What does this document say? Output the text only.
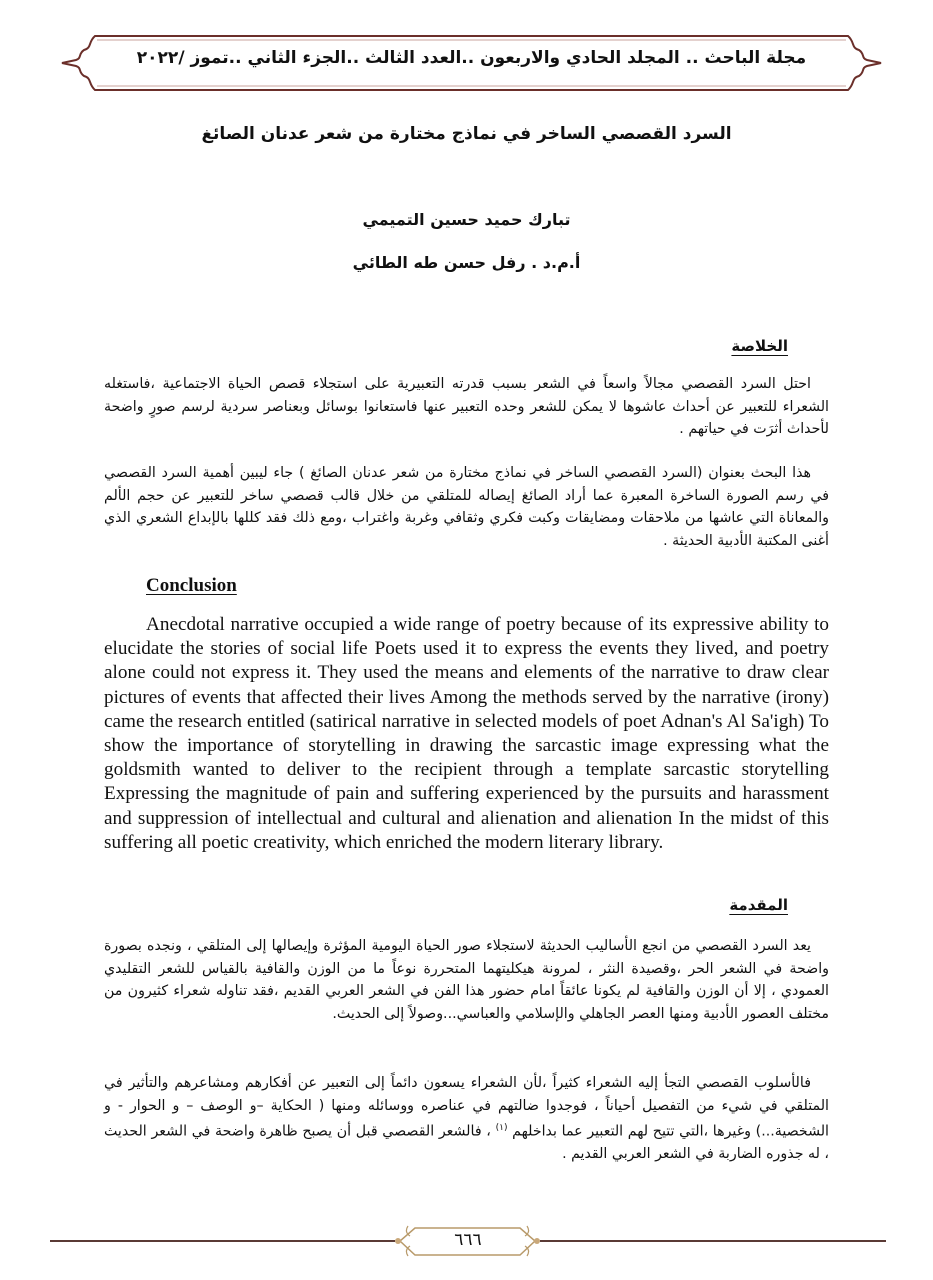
مجلة الباحث .. المجلد الحادي والاربعون ..العدد الثالث ..الجزء الثاني ..تموز /٢٠٢٢
السرد القصصي الساخر في نماذج مختارة من شعر عدنان الصائغ
تبارك حميد حسين التميمي
أ.م.د . رفل حسن طه الطائي
الخلاصة
احتل السرد القصصي مجالاً واسعاً في الشعر بسبب قدرته التعبيرية على استجلاء قصص الحياة الاجتماعية ،فاستغله الشعراء للتعبير عن أحداث عاشوها لا يمكن للشعر وحده التعبير عنها فاستعانوا بوسائل وبعناصر سردية لرسم صورٍ واضحة لأحداث أثرَت في حياتهم .
هذا البحث بعنوان (السرد القصصي الساخر في نماذج مختارة من شعر عدنان الصائغ ) جاء ليبين أهمية السرد القصصي في رسم الصورة الساخرة المعبرة عما أراد الصائغ إيصاله للمتلقي من خلال قالب قصصي ساخر للتعبير عن حجم الألم والمعاناة التي عاشها من ملاحقات ومضايقات وكبت فكري وثقافي وغربة واغتراب ،ومع ذلك فقد كللها بالإبداع الشعري الذي أغنى المكتبة الأدبية الحديثة .
Conclusion
Anecdotal narrative occupied a wide range of poetry because of its expressive ability to elucidate the stories of social life Poets used it to express the events they lived, and poetry alone could not express it. They used the means and elements of the narrative to draw clear pictures of events that affected their lives Among the methods served by the narrative (irony) came the research entitled (satirical narrative in selected models of poet Adnan's Al Sa'igh) To show the importance of storytelling in drawing the sarcastic image expressing what the goldsmith wanted to deliver to the recipient through a template sarcastic storytelling Expressing the magnitude of pain and suffering experienced by the pursuits and harassment and suppression of intellectual and cultural and alienation and alienation In the midst of this suffering all poetic creativity, which enriched the modern literary library.
المقدمة
يعد السرد القصصي من انجع الأساليب الحديثة لاستجلاء صور الحياة اليومية المؤثرة وإيصالها إلى المتلقي ، ونجده بصورة واضحة في الشعر الحر ،وقصيدة النثر ، لمرونة هيكليتهما المتحررة نوعاً ما من الوزن والقافية بالقياس للشعر التقليدي العمودي ، إلا أن الوزن والقافية لم يكونا عائقاً امام حضور هذا الفن في الشعر العربي القديم ،فقد تناوله شعراء كثيرون من مختلف العصور الأدبية ومنها العصر الجاهلي والإسلامي والعباسي...وصولاً إلى الحديث.
فالأسلوب القصصي التجأ إليه الشعراء كثيراً ،لأن الشعراء يسعون دائماً إلى التعبير عن أفكارهم ومشاعرهم والتأثير في المتلقي في شيء من التفصيل أحياناً ، فوجدوا ضالتهم في عناصره ووسائله ومنها ( الحكاية –و الوصف – و الحوار - و الشخصية...) وغيرها ،التي تتيح لهم التعبير عما بداخلهم $^{(١)}$ ، فالشعر القصصي قبل أن يصبح ظاهرة واضحة في الشعر الحديث ، له جذوره الضاربة في الشعر العربي القديم .
٦٦٦
